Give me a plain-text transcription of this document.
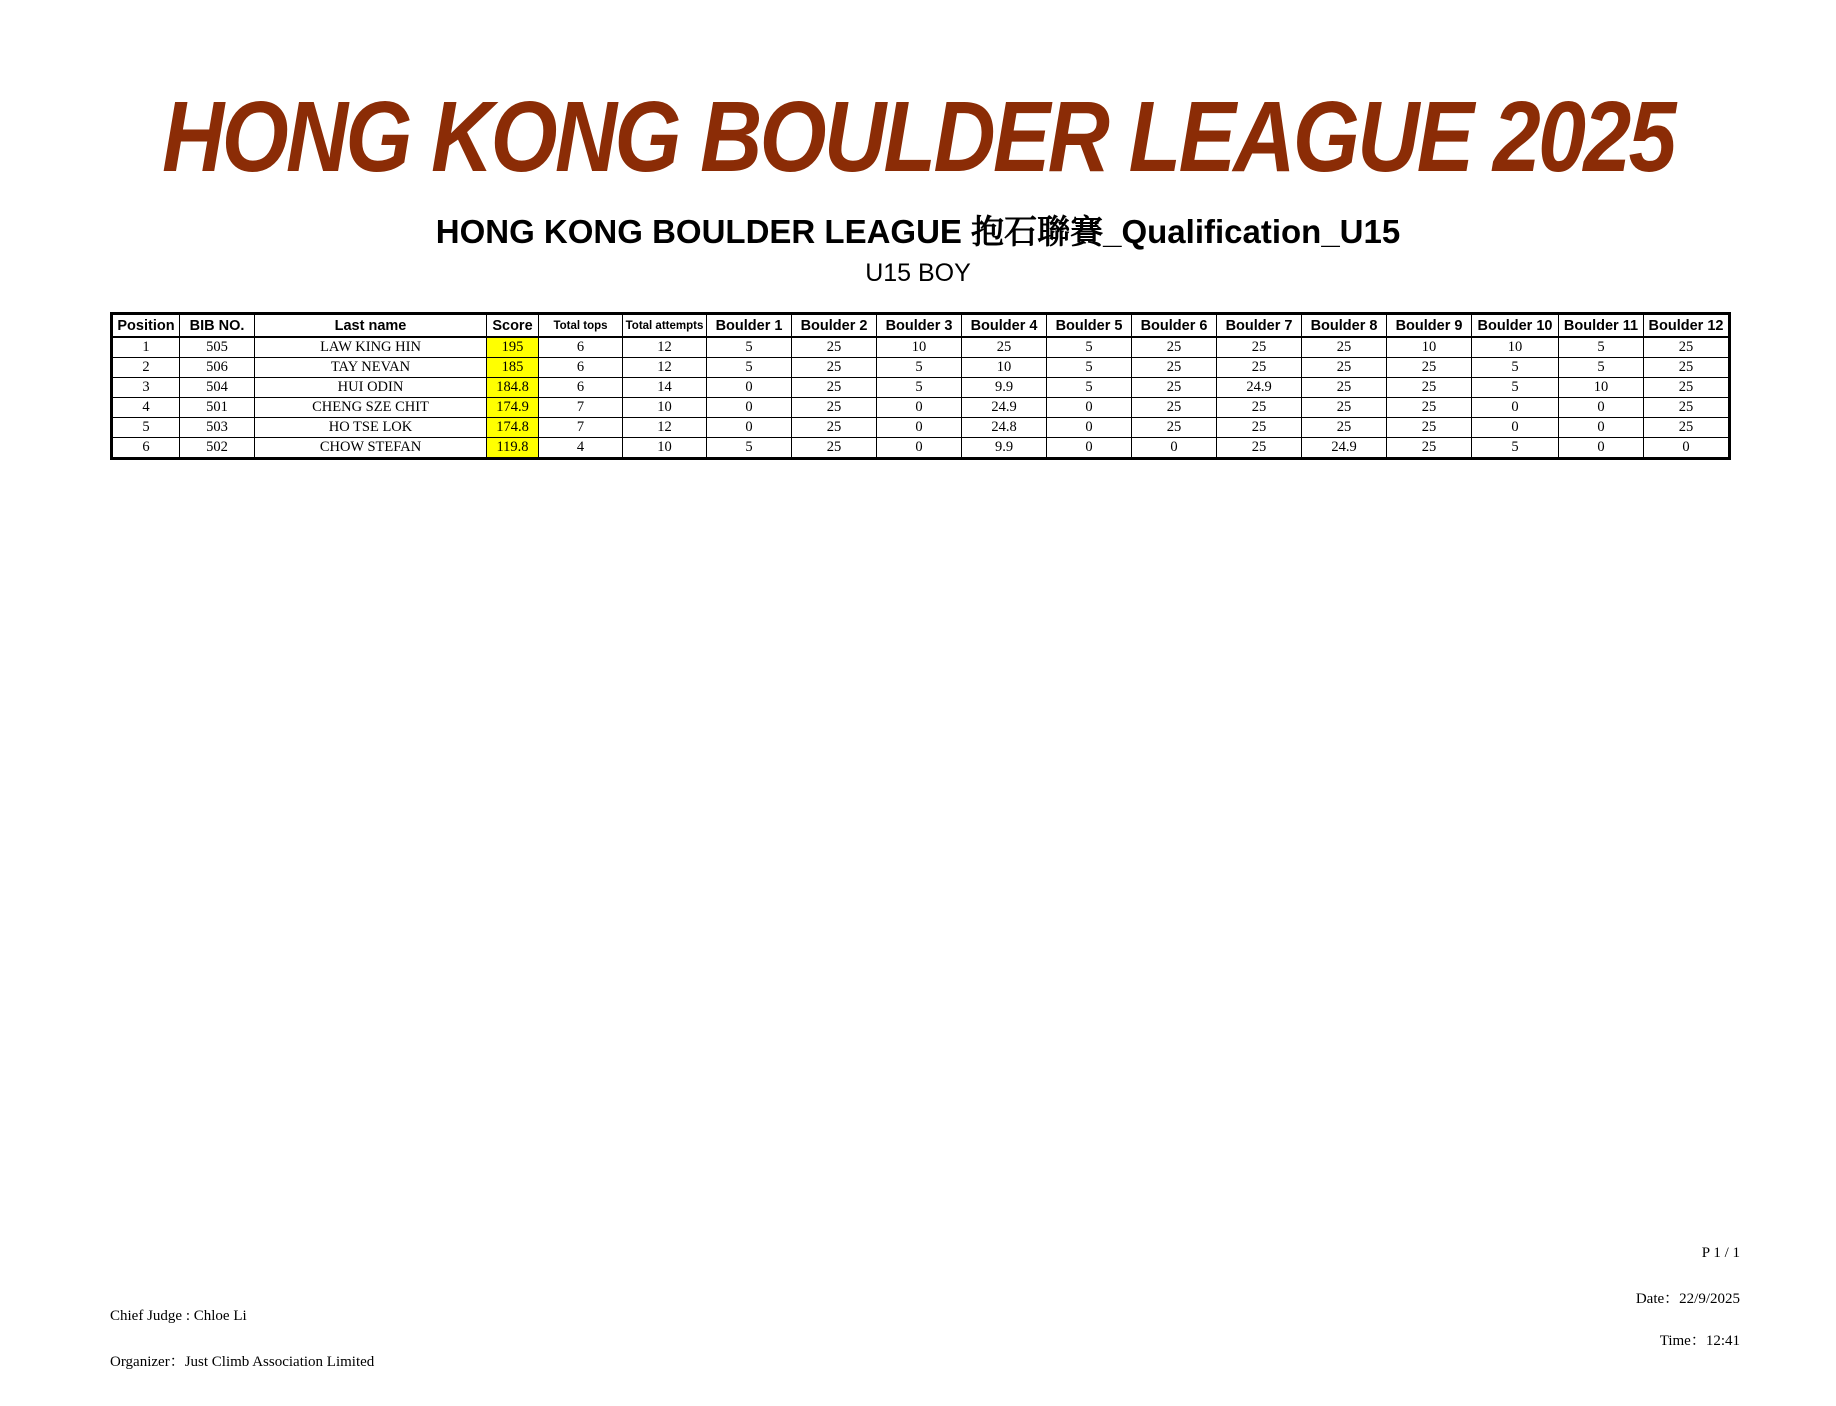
HONG KONG BOULDER LEAGUE 2025
HONG KONG BOULDER LEAGUE 抱石聯賽_Qualification_U15
U15 BOY
Position	BIB NO.	Last name	Score	Total tops	Total attempts	Boulder 1	Boulder 2	Boulder 3	Boulder 4	Boulder 5	Boulder 6	Boulder 7	Boulder 8	Boulder 9	Boulder 10	Boulder 11	Boulder 12
1	505	LAW KING HIN	195	6	12	5	25	10	25	5	25	25	25	10	10	5	25
2	506	TAY NEVAN	185	6	12	5	25	5	10	5	25	25	25	25	5	5	25
3	504	HUI ODIN	184.8	6	14	0	25	5	9.9	5	25	24.9	25	25	5	10	25
4	501	CHENG SZE CHIT	174.9	7	10	0	25	0	24.9	0	25	25	25	25	0	0	25
5	503	HO TSE LOK	174.8	7	12	0	25	0	24.8	0	25	25	25	25	0	0	25
6	502	CHOW STEFAN	119.8	4	10	5	25	0	9.9	0	0	25	24.9	25	5	0	0
P 1 / 1
Date：22/9/2025
Chief Judge : Chloe Li
Time：12:41
Organizer：Just Climb Association Limited
